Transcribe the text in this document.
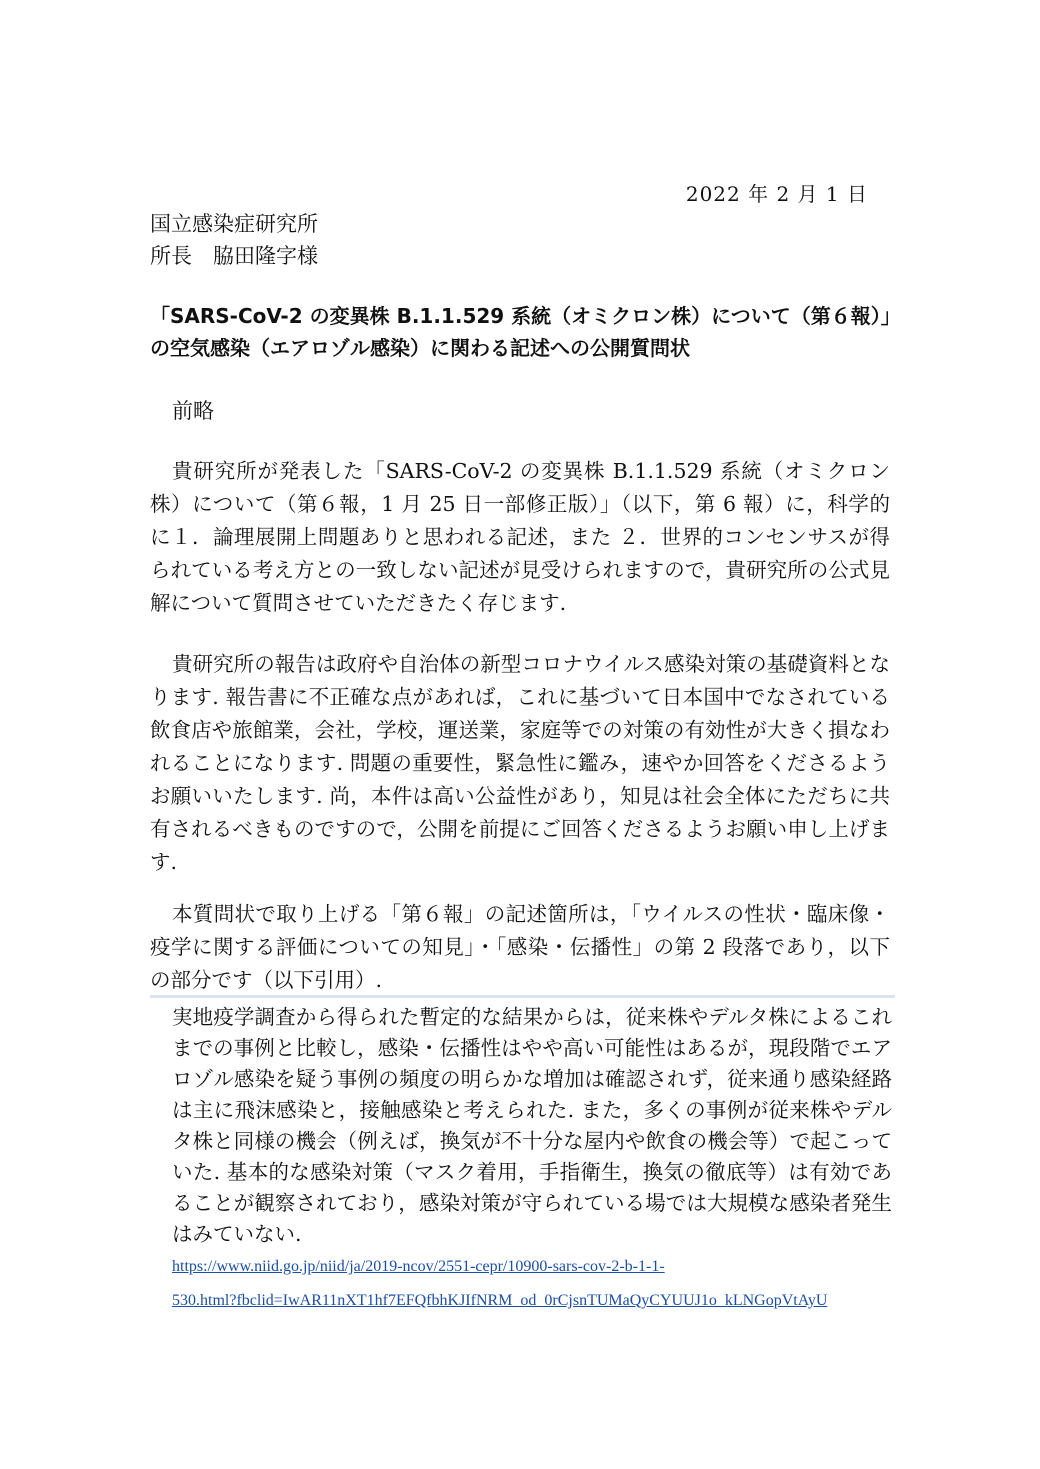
2022 年 2 月 1 日
国立感染症研究所
所長　脇田隆字様
「SARS-CoV-2 の変異株 B.1.1.529 系統（オミクロン株）について（第６報）」
の空気感染（エアロゾル感染）に関わる記述への公開質問状
前略

貴研究所が発表した「SARS-CoV-2 の変異株 B.1.1.529 系統（オミクロン株）について（第６報，1 月 25 日一部修正版）」（以下，第 6 報）に，科学的に１．論理展開上問題ありと思われる記述，また ２．世界的コンセンサスが得られている考え方との一致しない記述が見受けられますので，貴研究所の公式見解について質問させていただきたく存じます.

貴研究所の報告は政府や自治体の新型コロナウイルス感染対策の基礎資料となります. 報告書に不正確な点があれば，これに基づいて日本国中でなされている飲食店や旅館業，会社，学校，運送業，家庭等での対策の有効性が大きく損なわれることになります. 問題の重要性，緊急性に鑑み，速やか回答をくださるようお願いいたします. 尚，本件は高い公益性があり，知見は社会全体にただちに共有されるべきものですので，公開を前提にご回答くださるようお願い申し上げます.

本質問状で取り上げる「第６報」の記述箇所は，「ウイルスの性状・臨床像・疫学に関する評価についての知見」・「感染・伝播性」の第 2 段落であり，以下の部分です（以下引用）.

実地疫学調査から得られた暫定的な結果からは，従来株やデルタ株によるこれまでの事例と比較し，感染・伝播性はやや高い可能性はあるが，現段階でエアロゾル感染を疑う事例の頻度の明らかな増加は確認されず，従来通り感染経路は主に飛沫感染と，接触感染と考えられた. また，多くの事例が従来株やデルタ株と同様の機会（例えば，換気が不十分な屋内や飲食の機会等）で起こっていた. 基本的な感染対策（マスク着用，手指衛生，換気の徹底等）は有効であることが観察されており，感染対策が守られている場では大規模な感染者発生はみていない.

https://www.niid.go.jp/niid/ja/2019-ncov/2551-cepr/10900-sars-cov-2-b-1-1-
530.html?fbclid=IwAR11nXT1hf7EFQfbhKJIfNRM_od_0rCjsnTUMaQyCYUUJ1o_kLNGopVtAyU
